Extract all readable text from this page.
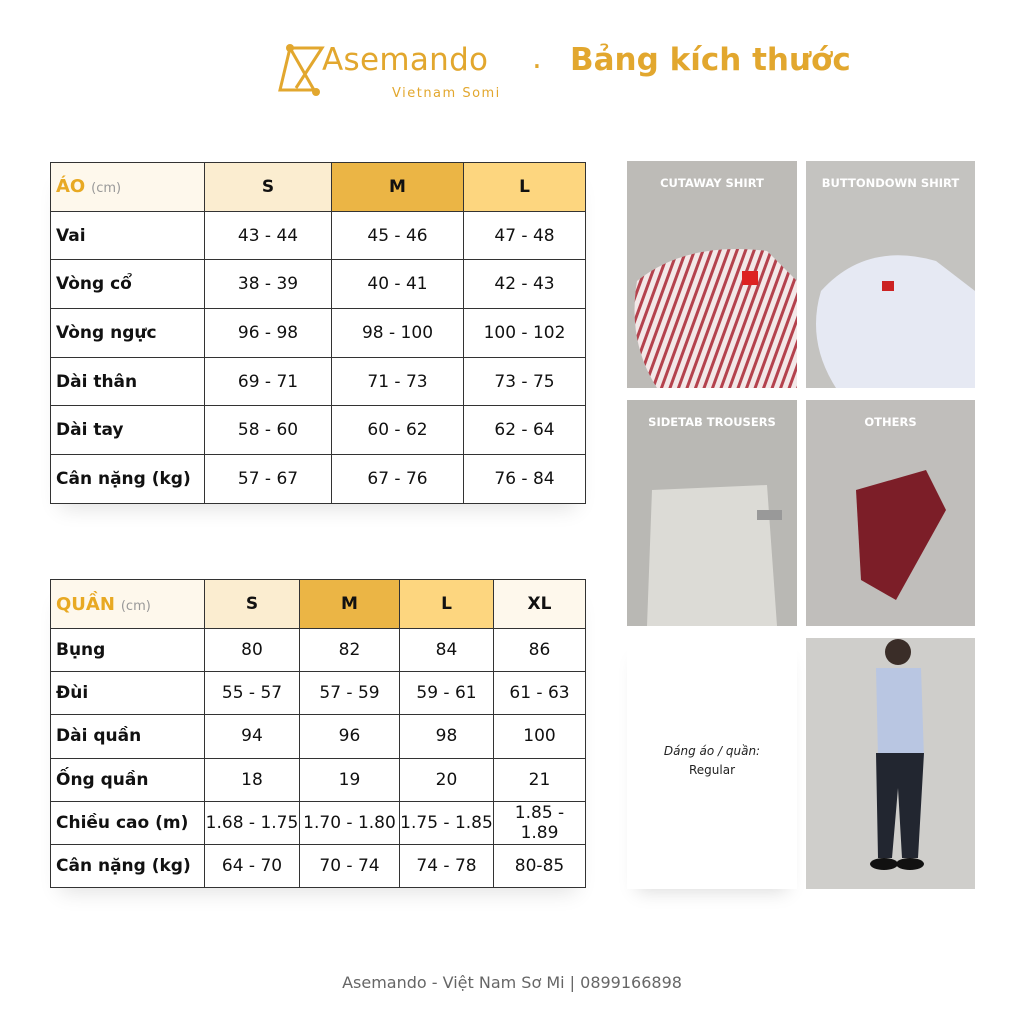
Asemando
Vietnam Somi
. Bảng kích thước
ÁO (cm)	S	M	L
Vai	43 - 44	45 - 46	47 - 48
Vòng cổ	38 - 39	40 - 41	42 - 43
Vòng ngực	96 - 98	98 - 100	100 - 102
Dài thân	69 - 71	71 - 73	73 - 75
Dài tay	58 - 60	60 - 62	62 - 64
Cân nặng (kg)	57 - 67	67 - 76	76 - 84
QUẦN (cm)	S	M	L	XL
Bụng	80	82	84	86
Đùi	55 - 57	57 - 59	59 - 61	61 - 63
Dài quần	94	96	98	100
Ống quần	18	19	20	21
Chiều cao (m)	1.68 - 1.75	1.70 - 1.80	1.75 - 1.85	1.85 - 1.89
Cân nặng (kg)	64 - 70	70 - 74	74 - 78	80-85
CUTAWAY SHIRT	BUTTONDOWN SHIRT
SIDETAB TROUSERS	OTHERS
Dáng áo / quần:
Regular
Asemando - Việt Nam Sơ Mi | 0899166898
